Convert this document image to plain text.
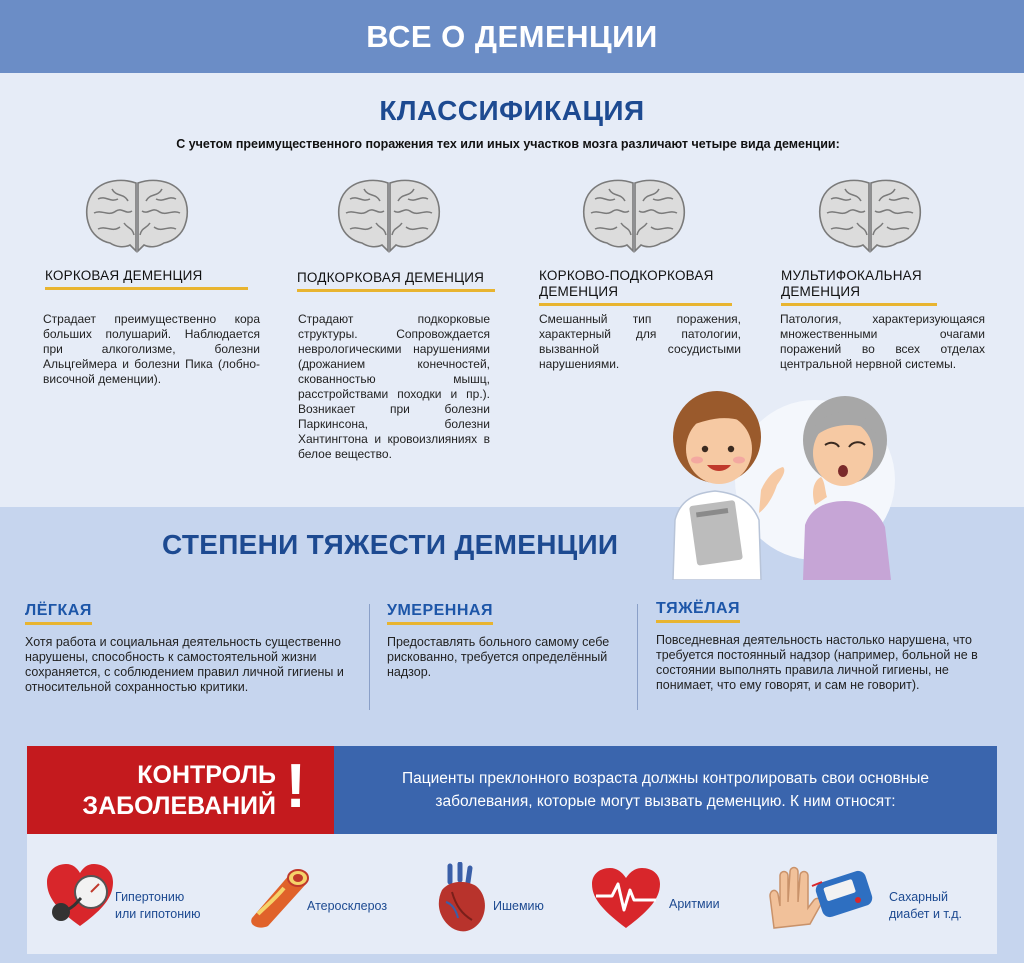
ВСЕ О ДЕМЕНЦИИ
КЛАССИФИКАЦИЯ
С учетом преимущественного поражения тех или иных участков мозга различают четыре вида деменции:
КОРКОВАЯ ДЕМЕНЦИЯ
Страдает преимущественно кора больших полушарий. Наблюдается при алкоголизме, болезни Альцгеймера и болезни Пика (лобно-височной деменции).
ПОДКОРКОВАЯ ДЕМЕНЦИЯ
Страдают подкорковые структуры. Сопровождается неврологическими нарушениями (дрожанием конечностей, скованностью мышц, расстройствами походки и пр.). Возникает при болезни Паркинсона, болезни Хантингтона и кровоизлияниях в белое вещество.
КОРКОВО-ПОДКОРКОВАЯ ДЕМЕНЦИЯ
Смешанный тип поражения, характерный для патологии, вызванной сосудистыми нарушениями.
МУЛЬТИФОКАЛЬНАЯ ДЕМЕНЦИЯ
Патология, характеризующаяся множественными очагами поражений во всех отделах центральной нервной системы.
СТЕПЕНИ ТЯЖЕСТИ ДЕМЕНЦИИ
ЛЁГКАЯ
Хотя работа и социальная деятельность существенно нарушены, способность к самостоятельной жизни сохраняется, с соблюдением правил личной гигиены и относительной сохранностью критики.
УМЕРЕННАЯ
Предоставлять больного самому себе рискованно, требуется определённый надзор.
ТЯЖЁЛАЯ
Повседневная деятельность настолько нарушена, что требуется постоянный надзор (например, больной не в состоянии выполнять правила личной гигиены, не понимает, что ему говорят, и сам не говорит).
КОНТРОЛЬ
ЗАБОЛЕВАНИЙ !	Пациенты преклонного возраста должны контролировать свои основные заболевания, которые могут вызвать деменцию. К ним относят:
Гипертонию
или гипотонию
Атеросклероз	Ишемию	Аритмии	Сахарный
диабет и т.д.
